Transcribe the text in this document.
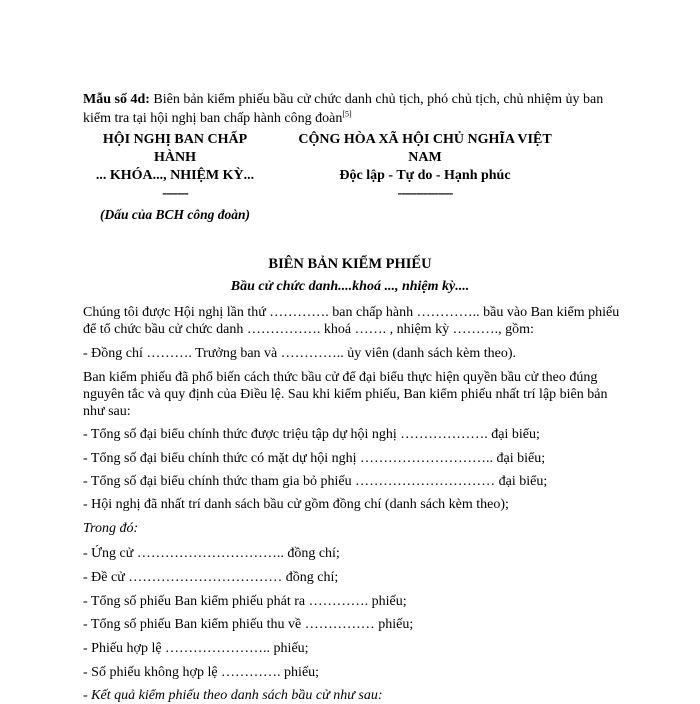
Mẫu số 4d: Biên bản kiểm phiếu bầu cử chức danh chủ tịch, phó chủ tịch, chủ nhiệm ủy ban kiểm tra tại hội nghị ban chấp hành công đoàn[5]
HỘI NGHỊ BAN CHẤP
HÀNH
... KHÓA..., NHIỆM KỲ...
-------
CỘNG HÒA XÃ HỘI CHỦ NGHĨA VIỆT
NAM
Độc lập - Tự do - Hạnh phúc
---------------
(Dấu của BCH công đoàn)
BIÊN BẢN KIỂM PHIẾU
Bầu cử chức danh....khoá ..., nhiệm kỳ....
Chúng tôi được Hội nghị lần thứ …………. ban chấp hành ………….. bầu vào Ban kiểm phiếu để tổ chức bầu cử chức danh ……………. khoá ……. , nhiệm kỳ ………., gồm:
- Đồng chí ………. Trưởng ban và ………….. ủy viên (danh sách kèm theo).
Ban kiểm phiếu đã phổ biến cách thức bầu cử để đại biểu thực hiện quyền bầu cử theo đúng nguyên tắc và quy định của Điều lệ. Sau khi kiểm phiếu, Ban kiểm phiếu nhất trí lập biên bản như sau:
- Tổng số đại biểu chính thức được triệu tập dự hội nghị ………………. đại biểu;
- Tổng số đại biểu chính thức có mặt dự hội nghị ……………………….. đại biểu;
- Tổng số đại biểu chính thức tham gia bỏ phiếu ………………………… đại biểu;
- Hội nghị đã nhất trí danh sách bầu cử gồm đồng chí (danh sách kèm theo);
Trong đó:
- Ứng cử ………………………….. đồng chí;
- Đề cử …………………………… đồng chí;
- Tổng số phiếu Ban kiểm phiếu phát ra …………. phiếu;
- Tổng số phiếu Ban kiểm phiếu thu về …………… phiếu;
- Phiếu hợp lệ ………………….. phiếu;
- Số phiếu không hợp lệ …………. phiếu;
- Kết quả kiểm phiếu theo danh sách bầu cử như sau:
